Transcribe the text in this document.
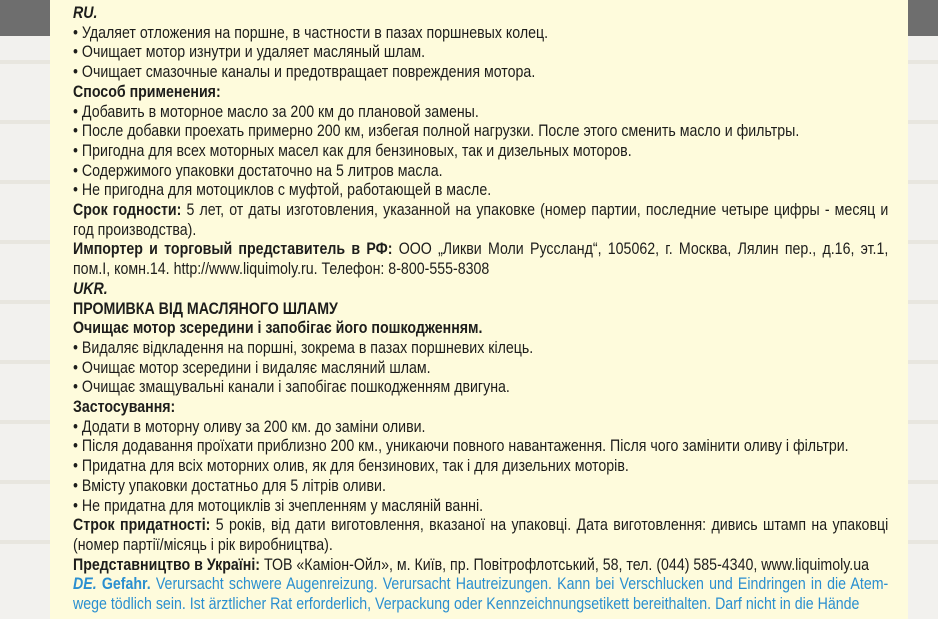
RU.

• Удаляет отложения на поршне, в частности в пазах поршневых колец.

• Очищает мотор изнутри и удаляет масляный шлам.

• Очищает смазочные каналы и предотвращает повреждения мотора.

Способ применения:

• Добавить в моторное масло за 200 км до плановой замены.

• После добавки проехать примерно 200 км, избегая полной нагрузки. После этого сменить масло и фильтры.

• Пригодна для всех моторных масел как для бензиновых, так и дизельных моторов.

• Содержимого упаковки достаточно на 5 литров масла.

• Не пригодна для мотоциклов с муфтой, работающей в масле.

Срок годности: 5 лет, от даты изготовления, указанной на упаковке (номер партии, последние четыре цифры - месяц и год производства).

Импортер и торговый представитель в РФ: ООО „Ликви Моли Руссланд“, 105062, г. Москва, Лялин пер., д.16, эт.1, пом.I, комн.14. http://www.liquimoly.ru. Телефон: 8-800-555-8308

UKR.

ПРОМИВКА ВІД МАСЛЯНОГО ШЛАМУ

Очищає мотор зсередини і запобігає його пошкодженням.

• Видаляє відкладення на поршні, зокрема в пазах поршневих кілець.

• Очищає мотор зсередини і видаляє масляний шлам.

• Очищає змащувальні канали і запобігає пошкодженням двигуна.

Застосування:

• Додати в моторну оливу за 200 км. до заміни оливи.

• Після додавання проїхати приблизно 200 км., уникаючи повного навантаження. Після чого замінити оливу і фільтри.

• Придатна для всіх моторних олив, як для бензинових, так і для дизельних моторів.

• Вмісту упаковки достатньо для 5 літрів оливи.

• Не придатна для мотоциклів зі зчепленням у масляній ванні.

Строк придатності: 5 років, від дати виготовлення, вказаної на упаковці. Дата виготовлення: дивись штамп на упаковці (номер партії/місяць і рік виробництва).

Представництво в Україні: ТОВ «Каміон-Ойл», м. Київ, пр. Повітрофлотський, 58, тел. (044) 585-4340, www.liquimoly.ua

DE. Gefahr. Verursacht schwere Augenreizung. Verursacht Hautreizungen. Kann bei Verschlucken und Eindringen in die Atem-wege tödlich sein. Ist ärztlicher Rat erforderlich, Verpackung oder Kennzeichnungsetikett bereithalten. Darf nicht in die Hände
